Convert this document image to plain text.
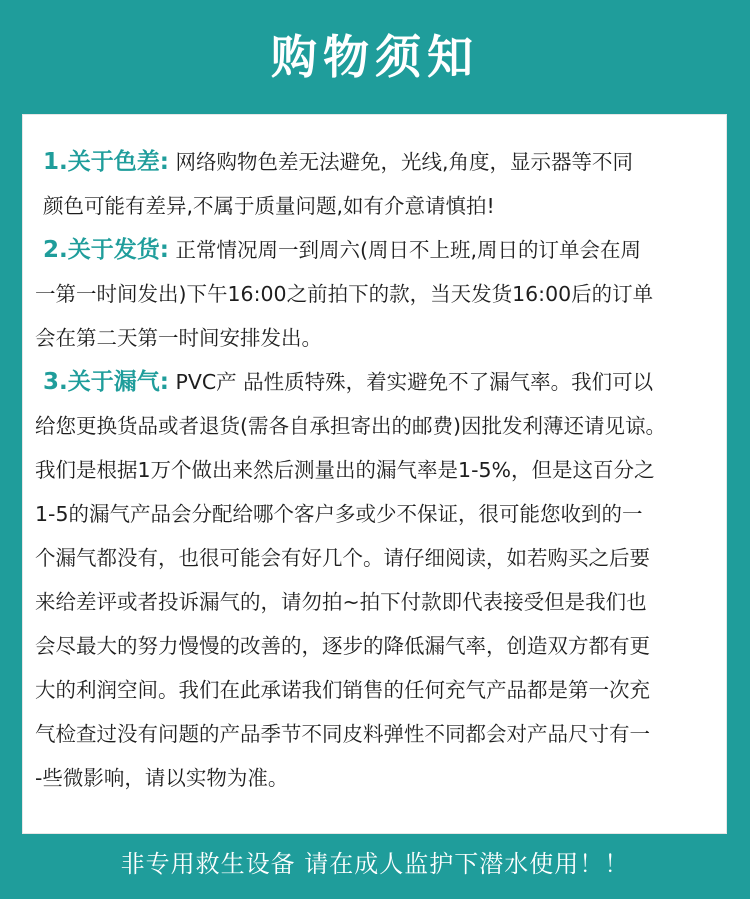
购物须知

1.关于色差: 网络购物色差无法避免，光线,角度，显示器等不同

颜色可能有差异,不属于质量问题,如有介意请慎拍!

2.关于发货: 正常情况周一到周六(周日不上班,周日的订单会在周

一第一时间发出)下午16:00之前拍下的款，当天发货16:00后的订单

会在第二天第一时间安排发出。

3.关于漏气: PVC产 品性质特殊，着实避免不了漏气率。我们可以

给您更换货品或者退货(需各自承担寄出的邮费)因批发利薄还请见谅。

我们是根据1万个做出来然后测量出的漏气率是1-5%，但是这百分之

1-5的漏气产品会分配给哪个客户多或少不保证，很可能您收到的一

个漏气都没有，也很可能会有好几个。请仔细阅读，如若购买之后要

来给差评或者投诉漏气的，请勿拍~拍下付款即代表接受但是我们也

会尽最大的努力慢慢的改善的，逐步的降低漏气率，创造双方都有更

大的利润空间。我们在此承诺我们销售的任何充气产品都是第一次充

气检查过没有问题的产品季节不同皮料弹性不同都会对产品尺寸有一

-些微影响，请以实物为准。

非专用救生设备 请在成人监护下潜水使用！！
